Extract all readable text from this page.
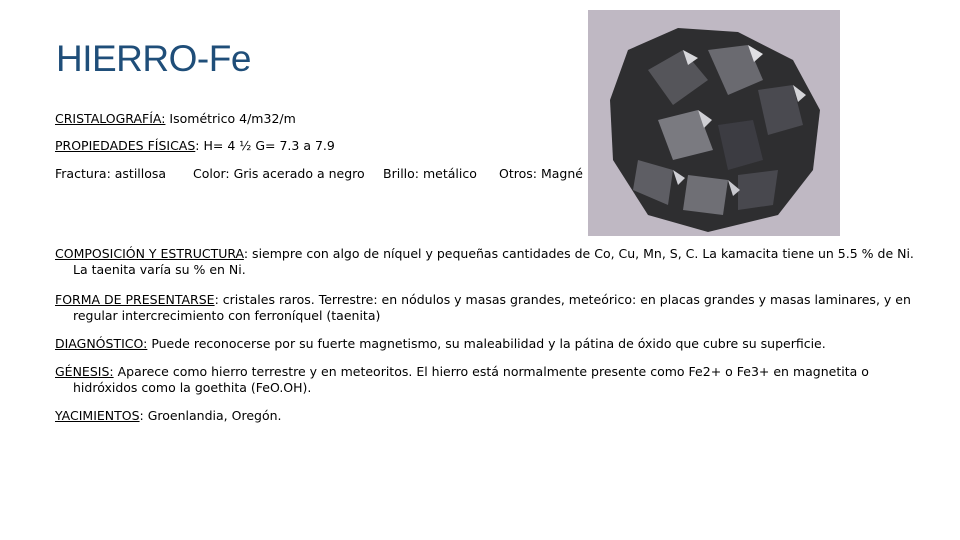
HIERRO-Fe
CRISTALOGRAFÍA: Isométrico 4/m32/m
PROPIEDADES FÍSICAS: H= 4 ½ G= 7.3 a 7.9
Fractura: astillosa Color: Gris acerado a negro Brillo: metálico Otros: Magné
COMPOSICIÓN Y ESTRUCTURA: siempre con algo de níquel y pequeñas cantidades de Co, Cu, Mn, S, C. La kamacita tiene un 5.5 % de Ni. La taenita varía su % en Ni.
FORMA DE PRESENTARSE: cristales raros. Terrestre: en nódulos y masas grandes, meteórico: en placas grandes y masas laminares, y en regular intercrecimiento con ferroníquel (taenita)
DIAGNÓSTICO: Puede reconocerse por su fuerte magnetismo, su maleabilidad y la pátina de óxido que cubre su superficie.
GÉNESIS: Aparece como hierro terrestre y en meteoritos. El hierro está normalmente presente como Fe2+ o Fe3+ en magnetita o hidróxidos como la goethita (FeO.OH).
YACIMIENTOS: Groenlandia, Oregón.
